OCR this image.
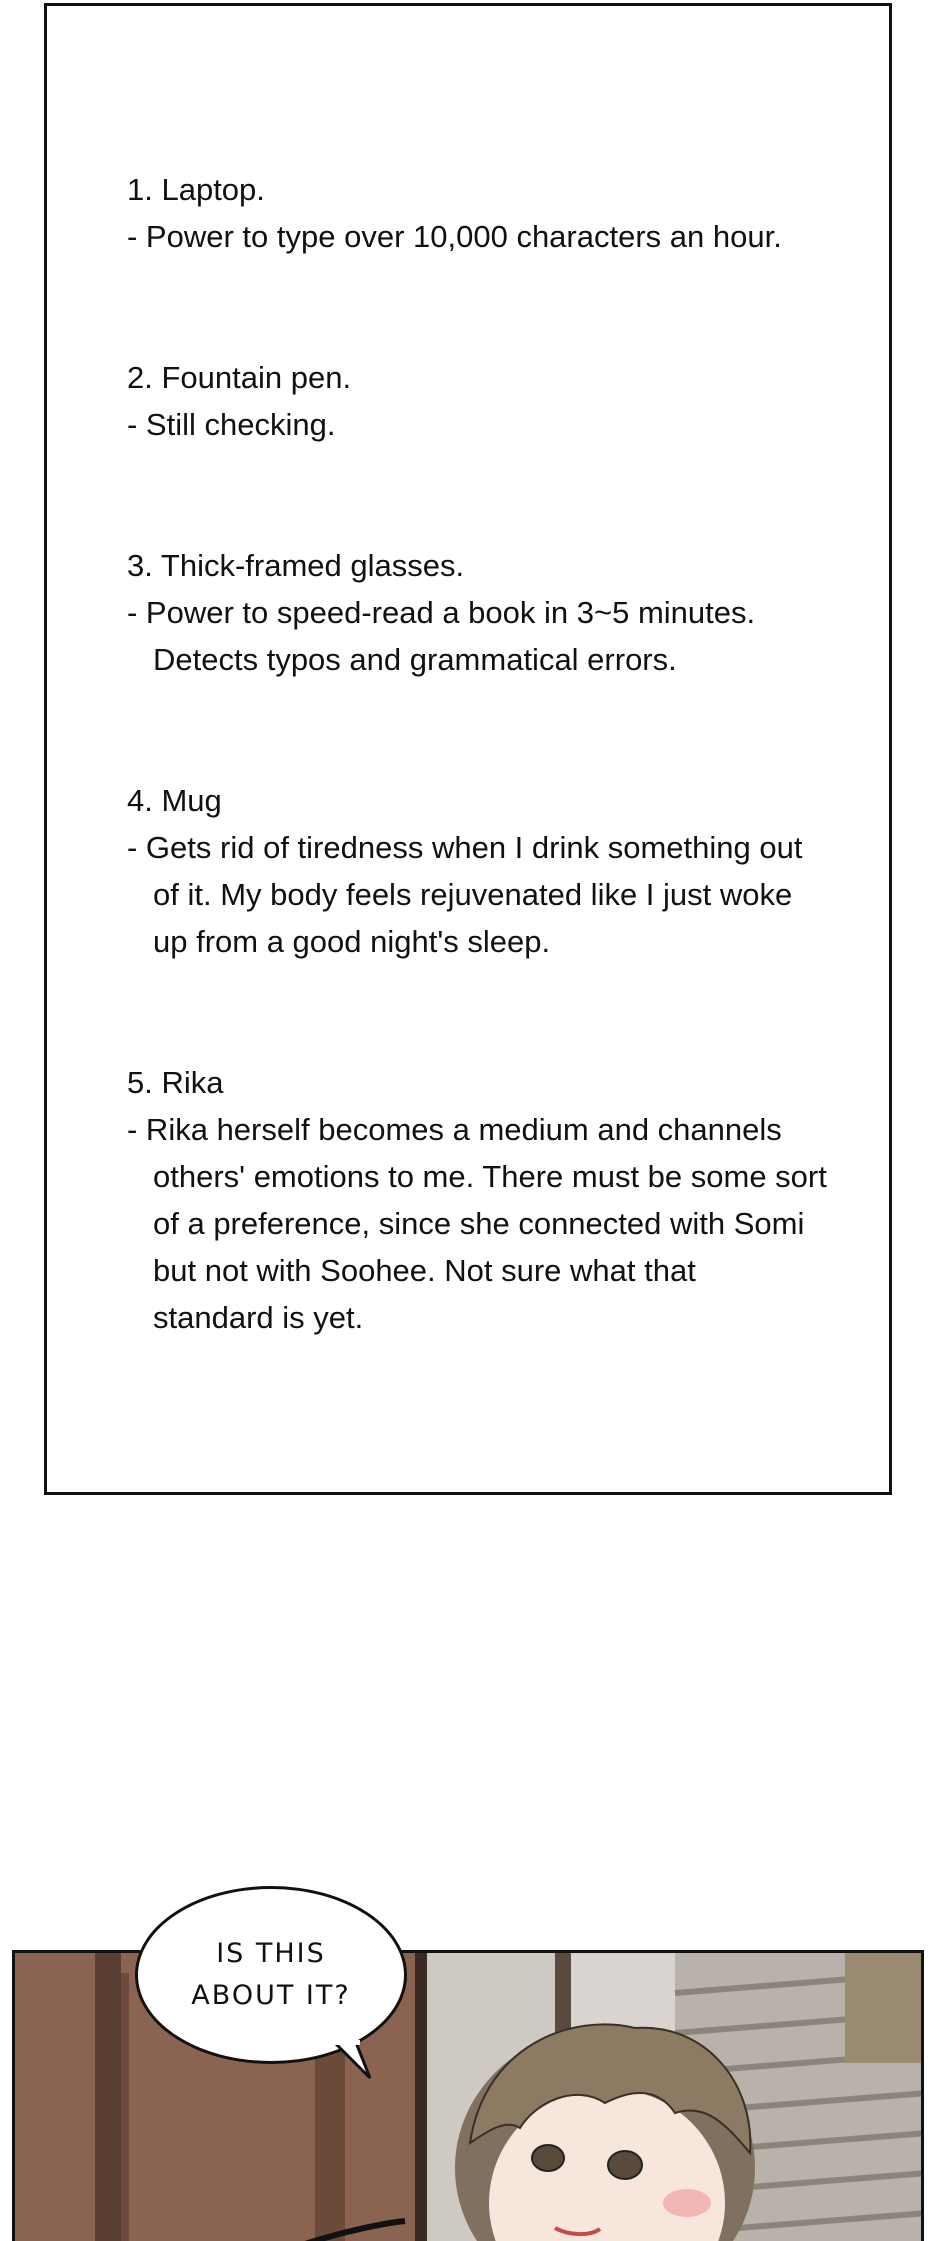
1. Laptop.

- Power to type over 10,000 characters an hour.

2. Fountain pen.

- Still checking.

3. Thick-framed glasses.

- Power to speed-read a book in 3~5 minutes.

Detects typos and grammatical errors.

4. Mug

- Gets rid of tiredness when I drink something out

of it. My body feels rejuvenated like I just woke

up from a good night's sleep.

5. Rika

- Rika herself becomes a medium and channels

others' emotions to me. There must be some sort

of a preference, since she connected with Somi

but not with Soohee. Not sure what that

standard is yet.

IS THIS
ABOUT IT?
